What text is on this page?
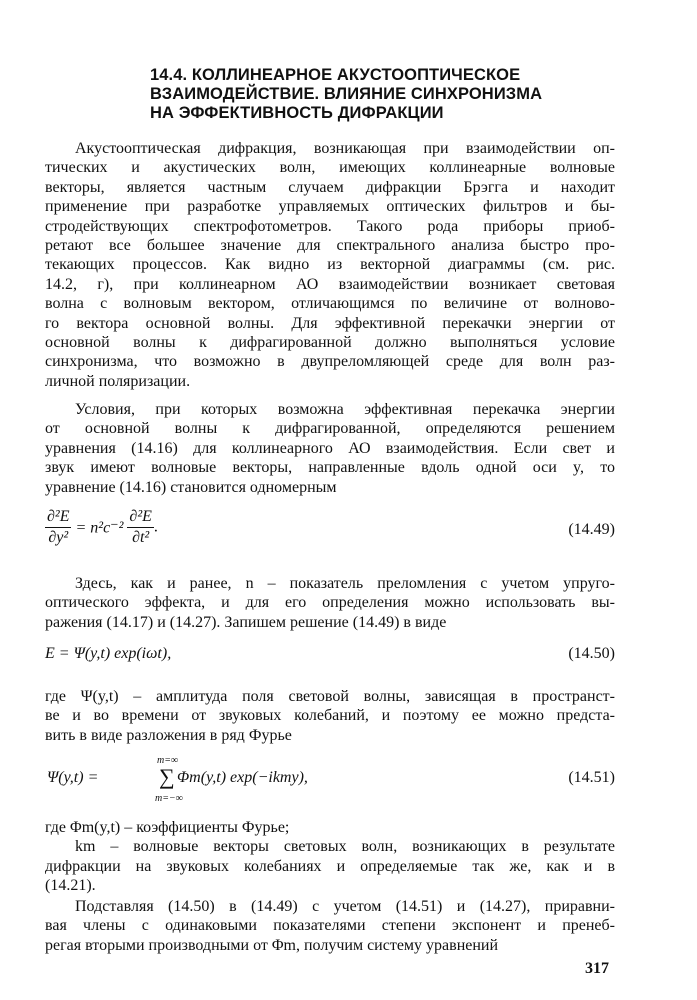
14.4. КОЛЛИНЕАРНОЕ АКУСТООПТИЧЕСКОЕ
ВЗАИМОДЕЙСТВИЕ. ВЛИЯНИЕ СИНХРОНИЗМА
НА ЭФФЕКТИВНОСТЬ ДИФРАКЦИИ
Акустооптическая дифракция, возникающая при взаимодействии оп-
тических и акустических волн, имеющих коллинеарные волновые
векторы, является частным случаем дифракции Брэгга и находит
применение при разработке управляемых оптических фильтров и бы-
стродействующих спектрофотометров. Такого рода приборы приоб-
ретают все большее значение для спектрального анализа быстро про-
текающих процессов. Как видно из векторной диаграммы (см. рис.
14.2, г), при коллинеарном АО взаимодействии возникает световая
волна с волновым вектором, отличающимся по величине от волново-
го вектора основной волны. Для эффективной перекачки энергии от
основной волны к дифрагированной должно выполняться условие
синхронизма, что возможно в двупреломляющей среде для волн раз-
личной поляризации.
Условия, при которых возможна эффективная перекачка энергии
от основной волны к дифрагированной, определяются решением
уравнения (14.16) для коллинеарного АО взаимодействия. Если свет и
звук имеют волновые векторы, направленные вдоль одной оси y, то
уравнение (14.16) становится одномерным
$\frac{\text{∂²E}}{\text{∂y²}} = n^2c^{-2} \frac{\text{∂²E}}{\text{∂t²}}$ .	(14.49)
Здесь, как и ранее, n – показатель преломления с учетом упруго-
оптического эффекта, и для его определения можно использовать вы-
ражения (14.17) и (14.27). Запишем решение (14.49) в виде
E = Ψ(y,t) exp(iωt),	(14.50)
где Ψ(y,t) – амплитуда поля световой волны, зависящая в пространст-
ве и во времени от звуковых колебаний, и поэтому ее можно предста-
вить в виде разложения в ряд Фурье
Ψ(y,t) =
m=∞
∑
m=−∞
Φm(y,t) exp(−ikmy),	(14.51)
где Φm(y,t) – коэффициенты Фурье;
km – волновые векторы световых волн, возникающих в результате
дифракции на звуковых колебаниях и определяемые так же, как и в
(14.21).
Подставляя (14.50) в (14.49) с учетом (14.51) и (14.27), приравни-
вая члены с одинаковыми показателями степени экспонент и пренеб-
регая вторыми производными от Φm, получим систему уравнений
317
